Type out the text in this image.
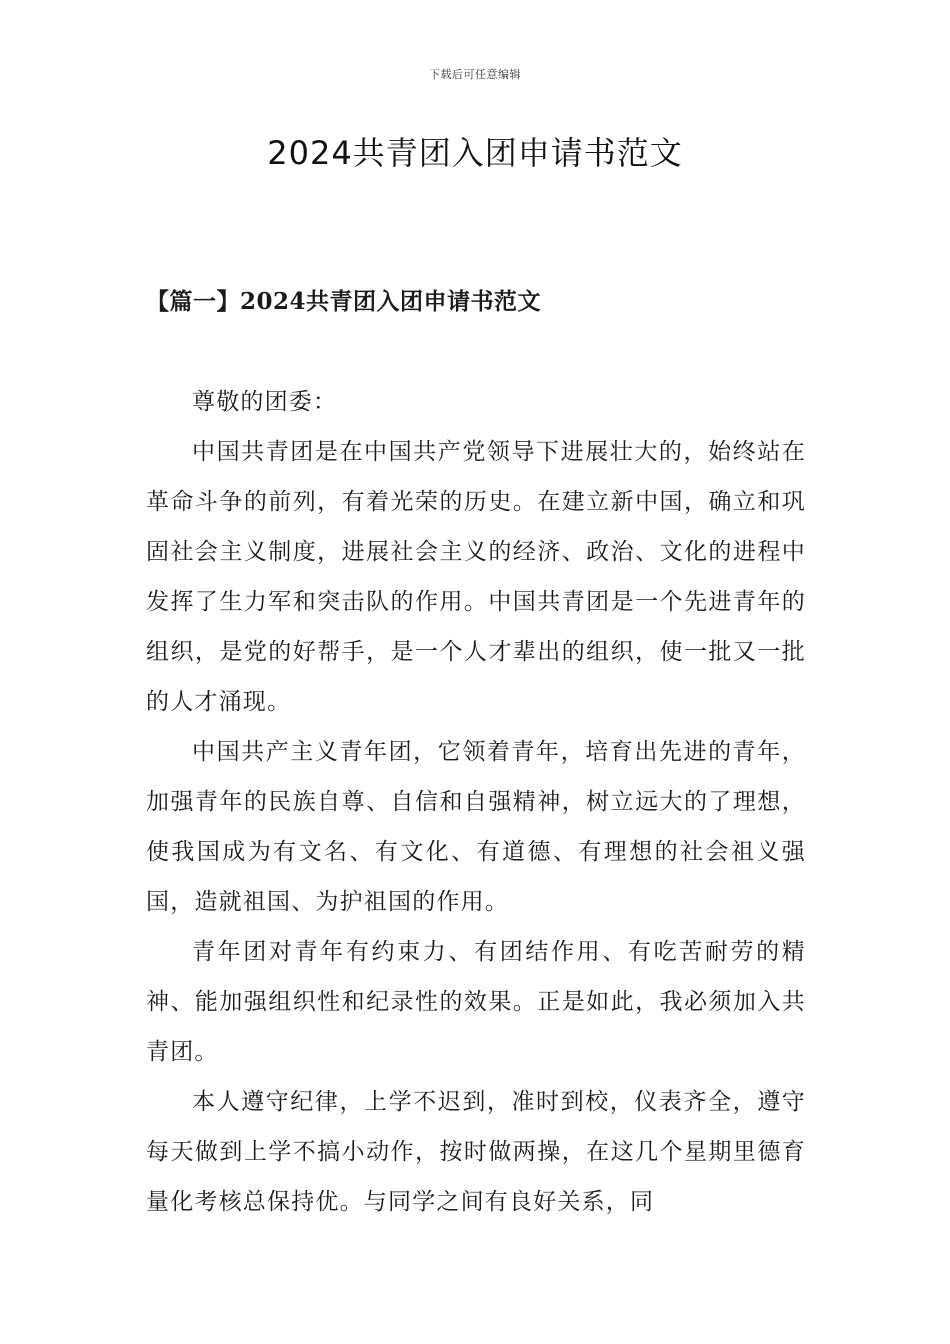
下载后可任意编辑
2024共青团入团申请书范文
【篇一】2024共青团入团申请书范文

尊敬的团委：

中国共青团是在中国共产党领导下进展壮大的，始终站在革命斗争的前列，有着光荣的历史。在建立新中国，确立和巩固社会主义制度，进展社会主义的经济、政治、文化的进程中发挥了生力军和突击队的作用。中国共青团是一个先进青年的组织，是党的好帮手，是一个人才辈出的组织，使一批又一批的人才涌现。

中国共产主义青年团，它领着青年，培育出先进的青年，加强青年的民族自尊、自信和自强精神，树立远大的了理想，使我国成为有文名、有文化、有道德、有理想的社会祖义强国，造就祖国、为护祖国的作用。

青年团对青年有约束力、有团结作用、有吃苦耐劳的精神、能加强组织性和纪录性的效果。正是如此，我必须加入共青团。

本人遵守纪律，上学不迟到，准时到校，仪表齐全，遵守每天做到上学不搞小动作，按时做两操，在这几个星期里德育量化考核总保持优。与同学之间有良好关系，同
